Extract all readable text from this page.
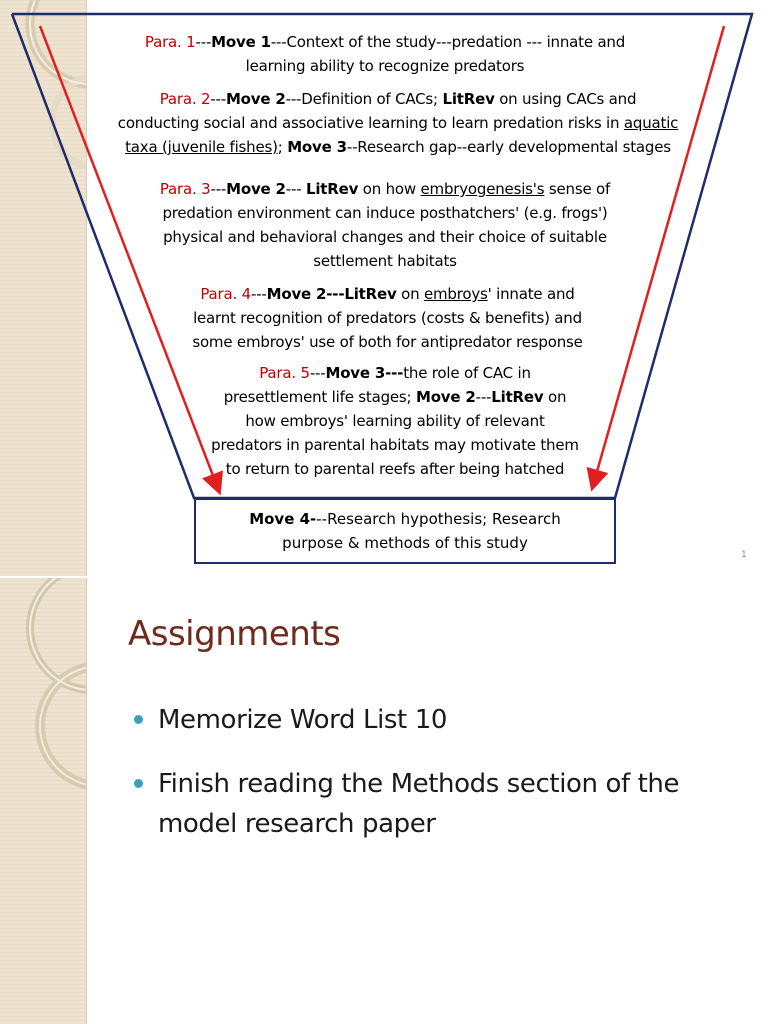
Para. 1---Move 1---Context of the study---predation --- innate and
learning ability to recognize predators
Para. 2---Move 2---Definition of CACs; LitRev on using CACs and
conducting social and associative learning to learn predation risks in aquatic
taxa (juvenile fishes); Move 3--Research gap--early developmental stages
Para. 3---Move 2--- LitRev on how embryogenesis's sense of
predation environment can induce posthatchers' (e.g. frogs')
physical and behavioral changes and their choice of suitable
settlement habitats
Para. 4---Move 2---LitRev on embroys' innate and
learnt recognition of predators (costs & benefits) and
some embroys' use of both for antipredator response
Para. 5---Move 3---the role of CAC in
presettlement life stages; Move 2---LitRev on
how embroys' learning ability of relevant
predators in parental habitats may motivate them
to return to parental reefs after being hatched
Move 4---Research hypothesis; Research
purpose & methods of this study
1
Assignments
Memorize Word List 10
Finish reading the Methods section of the model research paper
